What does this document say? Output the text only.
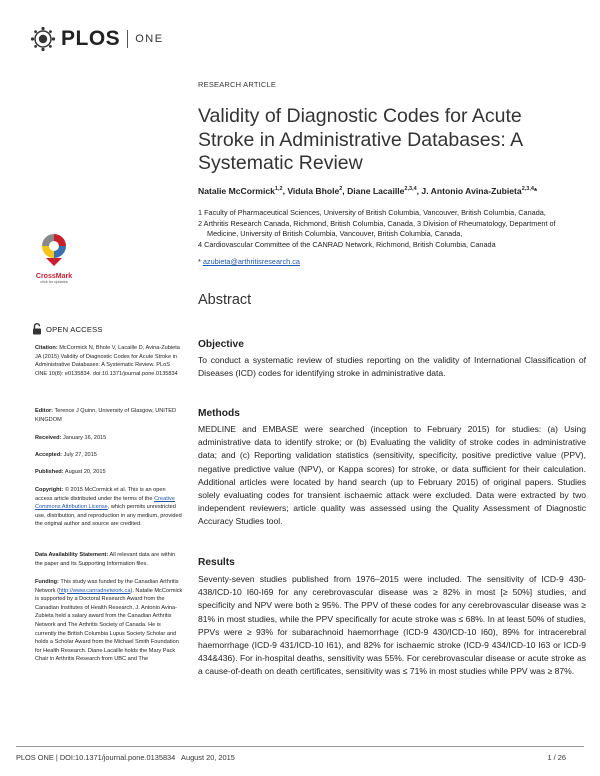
PLOS ONE
RESEARCH ARTICLE
Validity of Diagnostic Codes for Acute Stroke in Administrative Databases: A Systematic Review
Natalie McCormick$^{1,2}$, Vidula Bhole$^2$, Diane Lacaille$^{2,3,4}$, J. Antonio Avina-Zubieta$^{2,3,4}$*
1 Faculty of Pharmaceutical Sciences, University of British Columbia, Vancouver, British Columbia, Canada,
2 Arthritis Research Canada, Richmond, British Columbia, Canada, 3 Division of Rheumatology, Department of Medicine, University of British Columbia, Vancouver, British Columbia, Canada,
4 Cardiovascular Committee of the CANRAD Network, Richmond, British Columbia, Canada
* azubieta@arthritisresearch.ca
Abstract
Objective
To conduct a systematic review of studies reporting on the validity of International Classification of Diseases (ICD) codes for identifying stroke in administrative data.
Methods
MEDLINE and EMBASE were searched (inception to February 2015) for studies: (a) Using administrative data to identify stroke; or (b) Evaluating the validity of stroke codes in administrative data; and (c) Reporting validation statistics (sensitivity, specificity, positive predictive value (PPV), negative predictive value (NPV), or Kappa scores) for stroke, or data sufficient for their calculation. Additional articles were located by hand search (up to February 2015) of original papers. Studies solely evaluating codes for transient ischaemic attack were excluded. Data were extracted by two independent reviewers; article quality was assessed using the Quality Assessment of Diagnostic Accuracy Studies tool.
Results
Seventy-seven studies published from 1976–2015 were included. The sensitivity of ICD-9 430-438/ICD-10 I60-I69 for any cerebrovascular disease was ≥ 82% in most [≥ 50%] studies, and specificity and NPV were both ≥ 95%. The PPV of these codes for any cerebrovascular disease was ≥ 81% in most studies, while the PPV specifically for acute stroke was ≤ 68%. In at least 50% of studies, PPVs were ≥ 93% for subarachnoid haemorrhage (ICD-9 430/ICD-10 I60), 89% for intracerebral haemorrhage (ICD-9 431/ICD-10 I61), and 82% for ischaemic stroke (ICD-9 434/ICD-10 I63 or ICD-9 434&436). For in-hospital deaths, sensitivity was 55%. For cerebrovascular disease or acute stroke as a cause-of-death on death certificates, sensitivity was ≤ 71% in most studies while PPV was ≥ 87%.
CrossMark
click for updates
OPEN ACCESS
Citation: McCormick N, Bhole V, Lacaille D, Avina-Zubieta JA (2015) Validity of Diagnostic Codes for Acute Stroke in Administrative Databases: A Systematic Review. PLoS ONE 10(8): e0135834. doi:10.1371/journal.pone.0135834
Editor: Terence J Quinn, University of Glasgow, UNITED KINGDOM
Received: January 16, 2015
Accepted: July 27, 2015
Published: August 20, 2015
Copyright: © 2015 McCormick et al. This is an open access article distributed under the terms of the Creative Commons Attribution License, which permits unrestricted use, distribution, and reproduction in any medium, provided the original author and source are credited.
Data Availability Statement: All relevant data are within the paper and its Supporting Information files.
Funding: This study was funded by the Canadian Arthritis Network (http://www.canradnetwork.ca). Natalie McCormick is supported by a Doctoral Research Award from the Canadian Institutes of Health Research. J. Antonio Avina-Zubieta held a salary award from the Canadian Arthritis Network and The Arthritis Society of Canada. He is currently the British Columbia Lupus Society Scholar and holds a Scholar Award from the Michael Smith Foundation for Health Research. Diane Lacaille holds the Mary Pack Chair in Arthritis Research from UBC and The
PLOS ONE | DOI:10.1371/journal.pone.0135834   August 20, 2015	1 / 26
